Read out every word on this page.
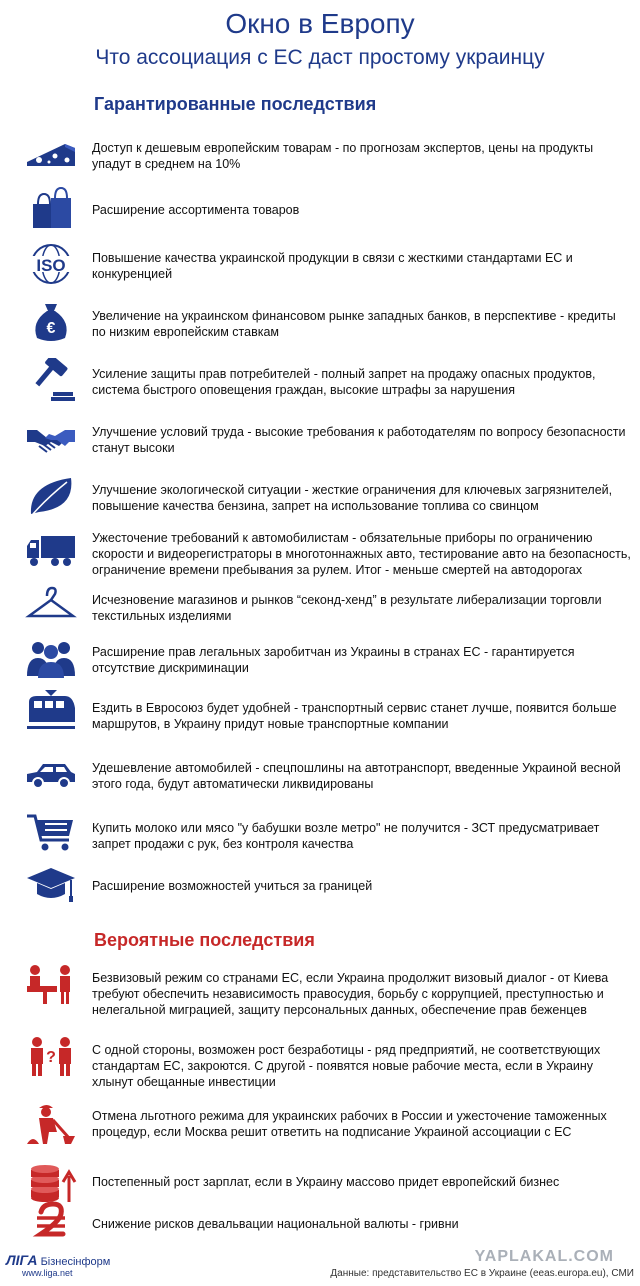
Окно в Европу
Что ассоциация с ЕС даст простому украинцу
Гарантированные последствия
Доступ к дешевым европейским товарам - по прогнозам экспертов, цены на продукты упадут в среднем на 10%
Расширение ассортимента товаров
ISO Повышение качества украинской продукции в связи с жесткими стандартами ЕС и конкуренцией
€
Увеличение на украинском финансовом рынке западных банков, в перспективе - кредиты по низким европейским ставкам
Усиление защиты прав потребителей - полный запрет на продажу опасных продуктов, система быстрого оповещения граждан, высокие штрафы за нарушения
Улучшение условий труда - высокие требования к работодателям по вопросу безопасности станут высоки
Улучшение экологической ситуации - жесткие ограничения для ключевых загрязнителей, повышение качества бензина, запрет на использование топлива со свинцом
Ужесточение требований к автомобилистам - обязательные приборы по ограничению скорости и видеорегистраторы в многотоннажных авто, тестирование авто на безопасность, ограничение времени пребывания за рулем. Итог - меньше смертей на автодорогах
Исчезновение магазинов и рынков “секонд-хенд” в результате либерализации торговли текстильных изделиями
Расширение прав легальных заробитчан из Украины в странах ЕС - гарантируется отсутствие дискриминации
Ездить в Евросоюз будет удобней - транспортный сервис станет лучше, появится больше маршрутов, в Украину придут новые транспортные компании
Удешевление автомобилей - спецпошлины на автотранспорт, введенные Украиной весной этого года, будут автоматически ликвидированы
Купить молоко или мясо "у бабушки возле метро" не получится - ЗСТ предусматривает запрет продажи с рук, без контроля качества
Расширение возможностей учиться за границей
Вероятные последствия
Безвизовый режим со странами ЕС, если Украина продолжит визовый диалог - от Киева требуют обеспечить независимость правосудия, борьбу с коррупцией, преступностью и нелегальной миграцией, защиту персональных данных, обеспечение прав беженцев
?	С одной стороны, возможен рост безработицы - ряд предприятий, не соответствующих стандартам ЕС, закроются. С другой - появятся новые рабочие места, если в Украину хлынут обещанные инвестиции
Отмена льготного режима для украинских рабочих в России и ужесточение таможенных процедур, если Москва решит ответить на подписание Украиной ассоциации с ЕС
Постепенный рост зарплат, если в Украину массово придет европейский бизнес
Снижение рисков девальвации национальной валюты - гривни
ЛІГА Бізнесінформ
www.liga.net
YAPLAKAL.COM
Данные: представительство ЕС в Украине (eeas.europa.eu), СМИ
